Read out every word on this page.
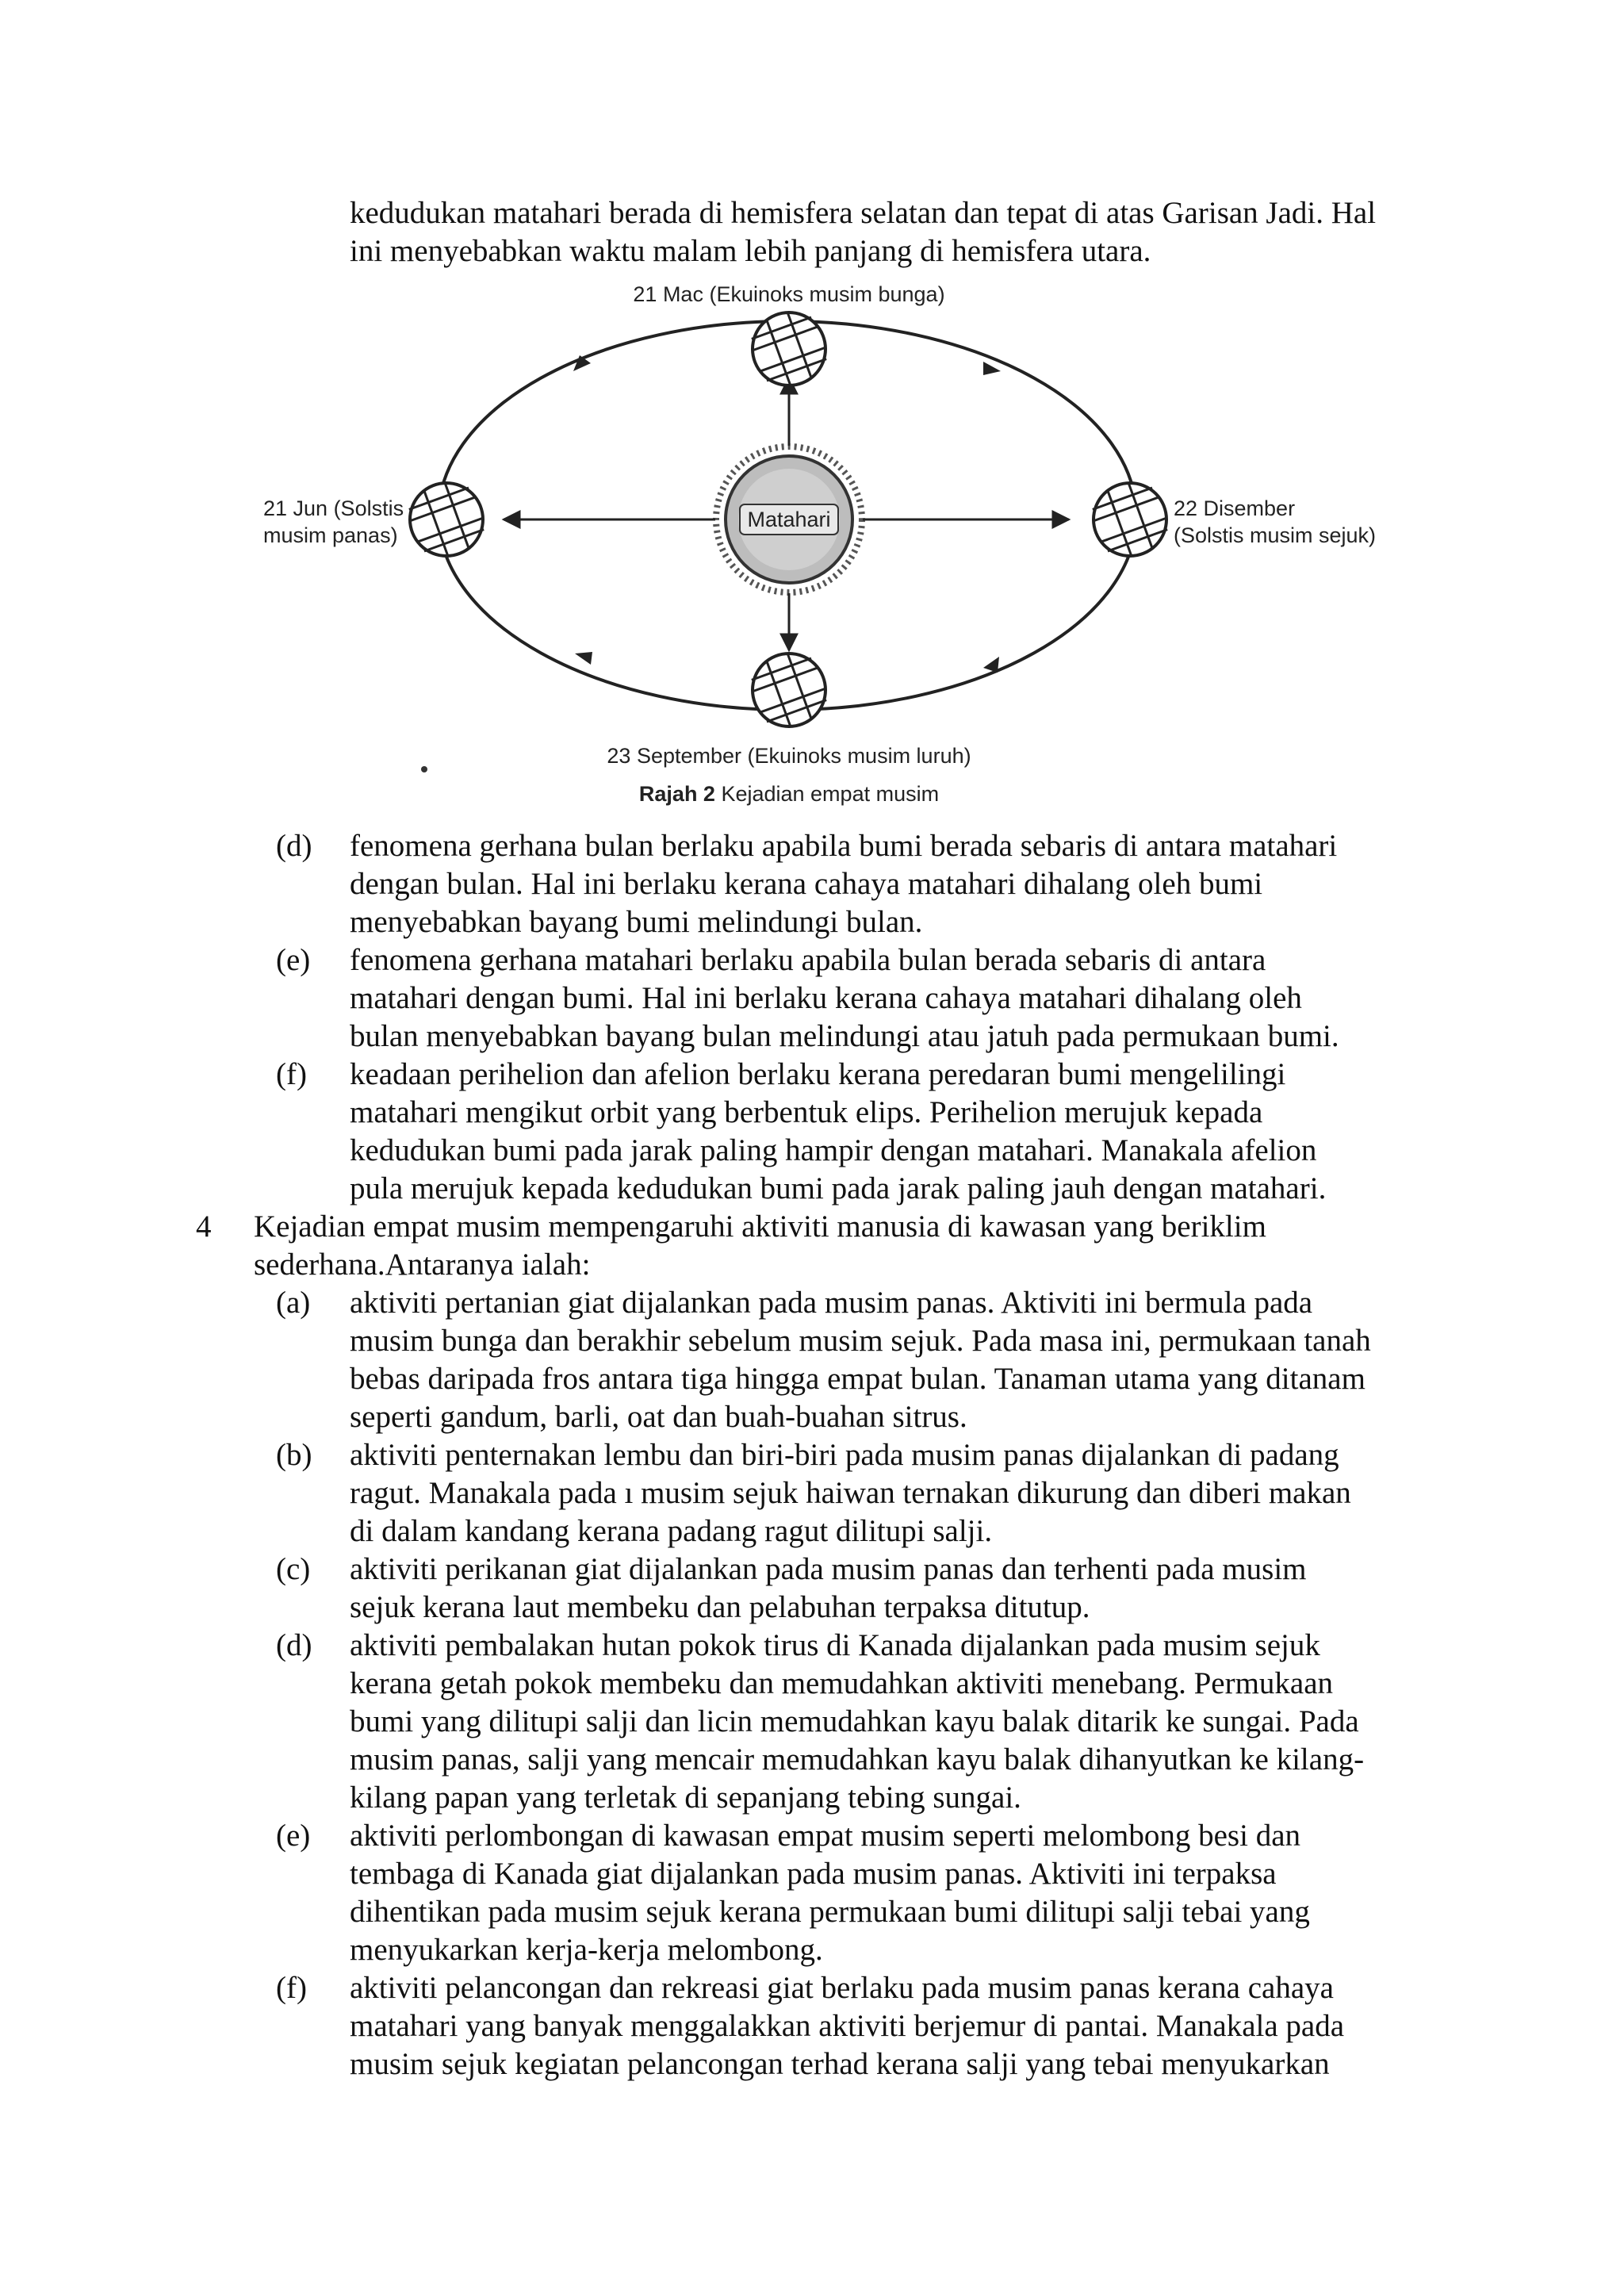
kedudukan matahari berada di hemisfera selatan dan tepat di atas Garisan Jadi. Hal
ini menyebabkan waktu malam lebih panjang di hemisfera utara.
Matahari
21 Mac (Ekuinoks musim bunga)
21 Jun (Solstis
musim panas)
22 Disember
(Solstis musim sejuk)
23 September (Ekuinoks musim luruh)
Rajah 2 Kejadian empat musim
(d)	fenomena gerhana bulan berlaku apabila bumi berada sebaris di antara matahari
dengan bulan. Hal ini berlaku kerana cahaya matahari dihalang oleh bumi
menyebabkan bayang bumi melindungi bulan.
(e)	fenomena gerhana matahari berlaku apabila bulan berada sebaris di antara
matahari dengan bumi. Hal ini berlaku kerana cahaya matahari dihalang oleh
bulan menyebabkan bayang bulan melindungi atau jatuh pada permukaan bumi.
(f)	keadaan perihelion dan afelion berlaku kerana peredaran bumi mengelilingi
matahari mengikut orbit yang berbentuk elips. Perihelion merujuk kepada
kedudukan bumi pada jarak paling hampir dengan matahari. Manakala afelion
pula merujuk kepada kedudukan bumi pada jarak paling jauh dengan matahari.
4 Kejadian empat musim mempengaruhi aktiviti manusia di kawasan yang beriklim
sederhana.Antaranya ialah:
(a)	aktiviti pertanian giat dijalankan pada musim panas. Aktiviti ini bermula pada
musim bunga dan berakhir sebelum musim sejuk. Pada masa ini, permukaan tanah
bebas daripada fros antara tiga hingga empat bulan. Tanaman utama yang ditanam
seperti gandum, barli, oat dan buah-buahan sitrus.
(b)	aktiviti penternakan lembu dan biri-biri pada musim panas dijalankan di padang
ragut. Manakala pada ı musim sejuk haiwan ternakan dikurung dan diberi makan
di dalam kandang kerana padang ragut dilitupi salji.
(c)	aktiviti perikanan giat dijalankan pada musim panas dan terhenti pada musim
sejuk kerana laut membeku dan pelabuhan terpaksa ditutup.
(d)	aktiviti pembalakan hutan pokok tirus di Kanada dijalankan pada musim sejuk
kerana getah pokok membeku dan memudahkan aktiviti menebang. Permukaan
bumi yang dilitupi salji dan licin memudahkan kayu balak ditarik ke sungai. Pada
musim panas, salji yang mencair memudahkan kayu balak dihanyutkan ke kilang-
kilang papan yang terletak di sepanjang tebing sungai.
(e)	aktiviti perlombongan di kawasan empat musim seperti melombong besi dan
tembaga di Kanada giat dijalankan pada musim panas. Aktiviti ini terpaksa
dihentikan pada musim sejuk kerana permukaan bumi dilitupi salji tebai yang
menyukarkan kerja-kerja melombong.
(f)	aktiviti pelancongan dan rekreasi giat berlaku pada musim panas kerana cahaya
matahari yang banyak menggalakkan aktiviti berjemur di pantai. Manakala pada
musim sejuk kegiatan pelancongan terhad kerana salji yang tebai menyukarkan
